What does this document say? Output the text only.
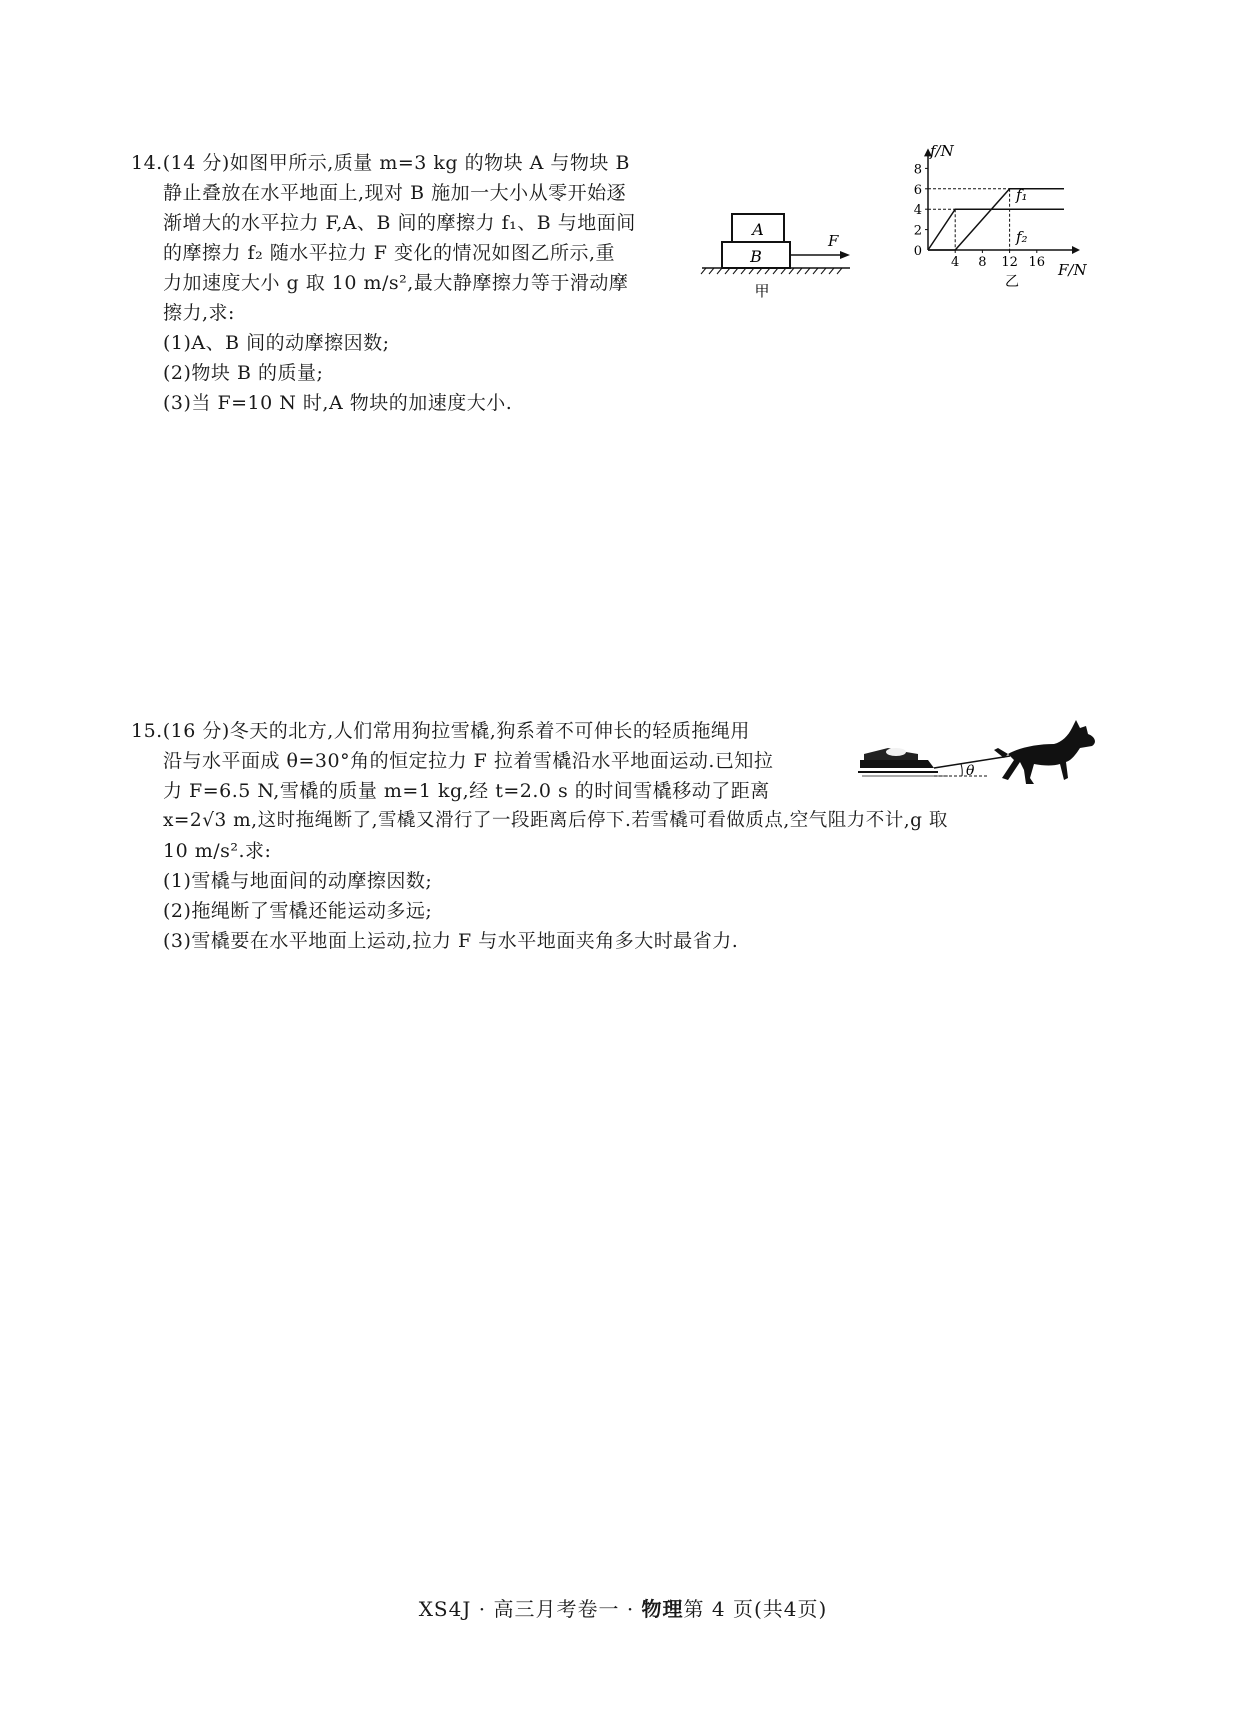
14.(14 分)如图甲所示,质量 m=3 kg 的物块 A 与物块 B
静止叠放在水平地面上,现对 B 施加一大小从零开始逐
渐增大的水平拉力 F,A、B 间的摩擦力 f₁、B 与地面间
的摩擦力 f₂ 随水平拉力 F 变化的情况如图乙所示,重
力加速度大小 g 取 10 m/s²,最大静摩擦力等于滑动摩
擦力,求:
(1)A、B 间的动摩擦因数;
(2)物块 B 的质量;
(3)当 F=10 N 时,A 物块的加速度大小.
A
B
F
甲
4 8 12 16
0
2
4
6
8
f/N
F/N
f₁
f₂
乙
15.(16 分)冬天的北方,人们常用狗拉雪橇,狗系着不可伸长的轻质拖绳用
沿与水平面成 θ=30°角的恒定拉力 F 拉着雪橇沿水平地面运动.已知拉
力 F=6.5 N,雪橇的质量 m=1 kg,经 t=2.0 s 的时间雪橇移动了距离
x=2√3 m,这时拖绳断了,雪橇又滑行了一段距离后停下.若雪橇可看做质点,空气阻力不计,g 取
10 m/s².求:
(1)雪橇与地面间的动摩擦因数;
(2)拖绳断了雪橇还能运动多远;
(3)雪橇要在水平地面上运动,拉力 F 与水平地面夹角多大时最省力.
θ
XS4J · 高三月考卷一 · 物理第 4 页(共4页)
